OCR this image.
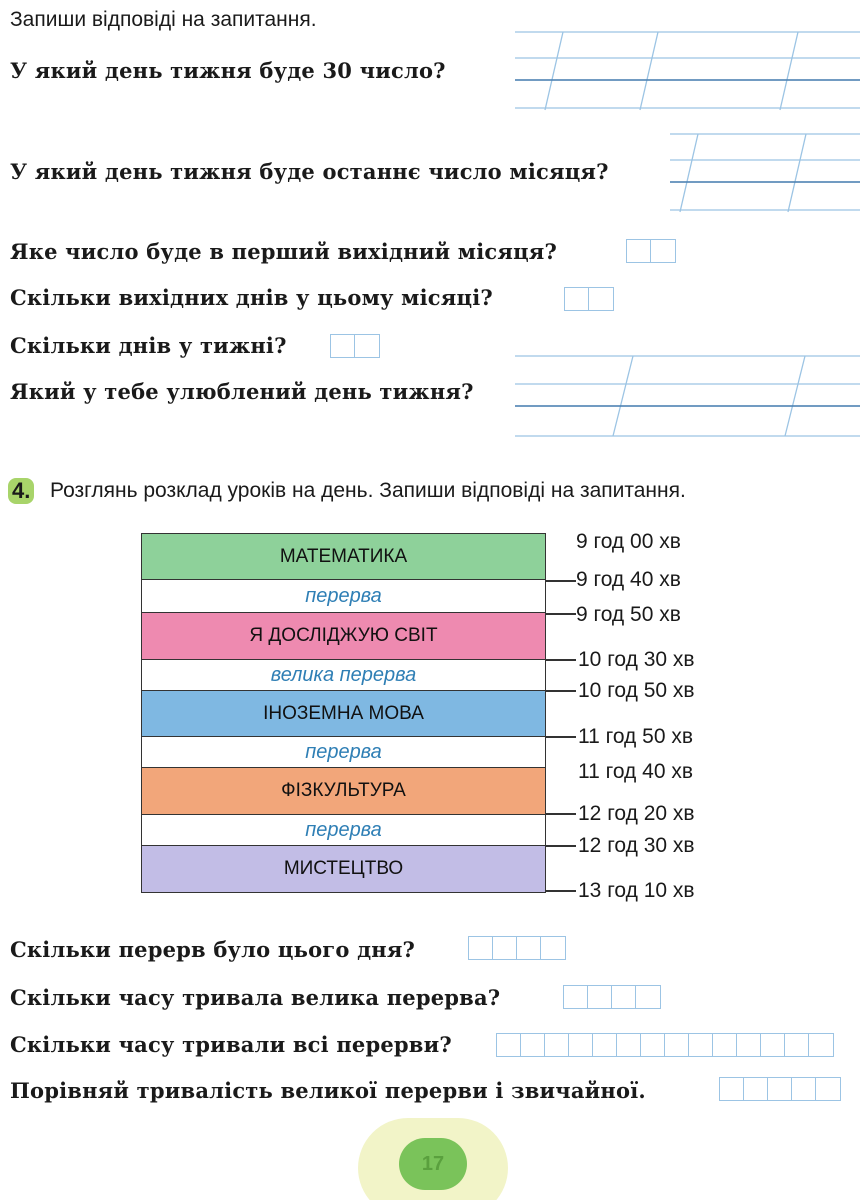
Запиши відповіді на запитання.
У який день тижня буде 30 число?
У який день тижня буде останнє число місяця?
Яке число буде в перший вихідний місяця?
Скільки вихідних днів у цьому місяці?
Скільки днів у тижні?
Який у тебе улюблений день тижня?
4. Розглянь розклад уроків на день. Запиши відповіді на запитання.
МАТЕМАТИКА
перерва
Я ДОСЛІДЖУЮ СВІТ
велика перерва
ІНОЗЕМНА МОВА
перерва
ФІЗКУЛЬТУРА
перерва
МИСТЕЦТВО
9 год 00 хв
9 год 40 хв
9 год 50 хв
10 год 30 хв
10 год 50 хв
11 год 50 хв
11 год 40 хв
12 год 20 хв
12 год 30 хв
13 год 10 хв
Скільки перерв було цього дня?
Скільки часу тривала велика перерва?
Скільки часу тривали всі перерви?
Порівняй тривалість великої перерви і звичайної.
17
